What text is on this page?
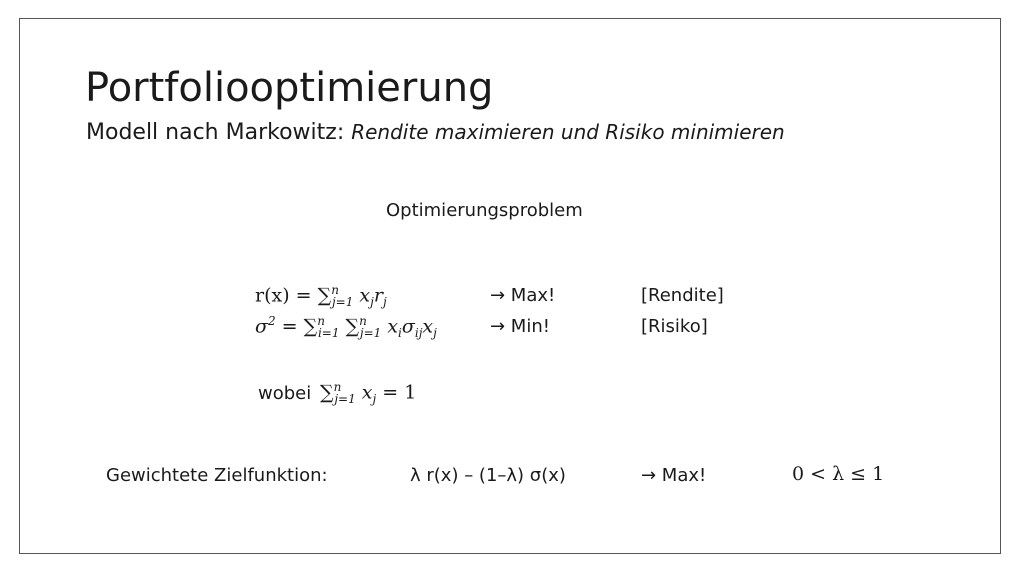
Portfoliooptimierung
Modell nach Markowitz: Rendite maximieren und Risiko minimieren
Optimierungsproblem
r(x) = ∑$^n_{j=1}$ $x_jr_j$	→ Max!	[Rendite]
$\sigma^2 = \sum^n_{i=1}$ ∑$^n_{j=1}$ $x_i\sigma_{ij}x_j$	→ Min!	[Risiko]
wobei ∑$^n_{j=1}$ $x_j = 1$
Gewichtete Zielfunktion:	λ r(x) – (1–λ) σ(x)	→ Max!	0 < λ ≤ 1
